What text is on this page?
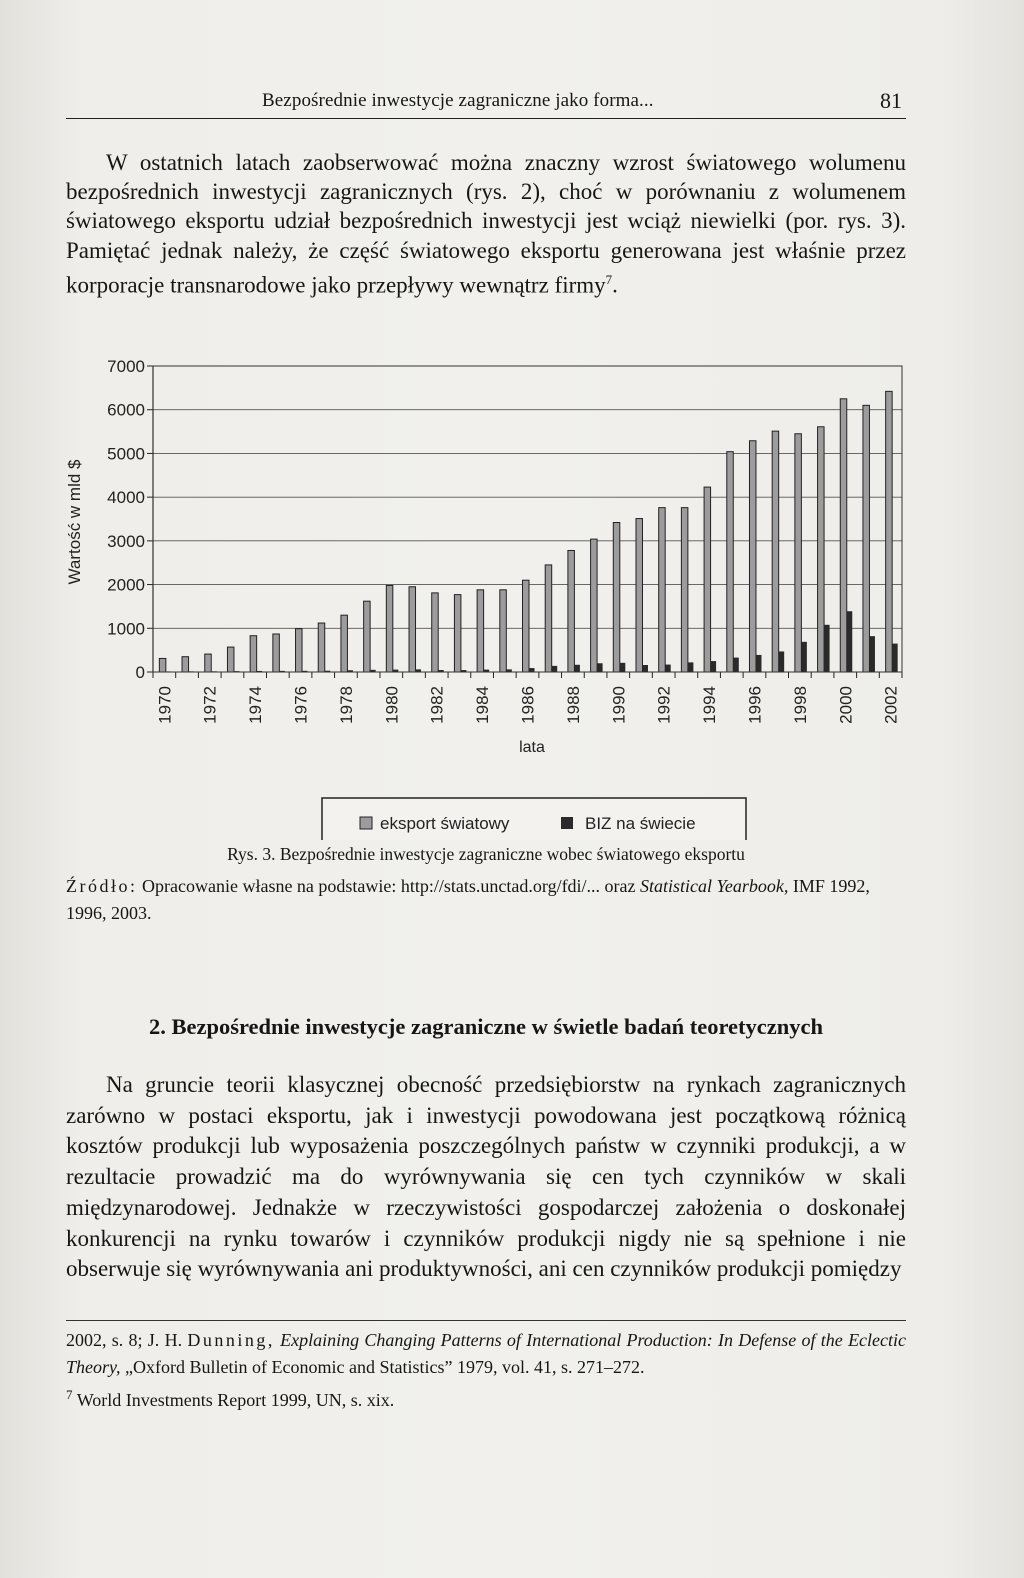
Bezpośrednie inwestycje zagraniczne jako forma...	81

W ostatnich latach zaobserwować można znaczny wzrost światowego wolumenu bezpośrednich inwestycji zagranicznych (rys. 2), choć w porównaniu z wolumenem światowego eksportu udział bezpośrednich inwestycji jest wciąż niewielki (por. rys. 3). Pamiętać jednak należy, że część światowego eksportu generowana jest właśnie przez korporacje transnarodowe jako przepływy wewnątrz firmy$^7$.

0
1000
2000
3000
4000
5000
6000
7000
1970 1972 1974 1976 1978 1980 1982 1984 1986 1988 1990 1992 1994 1996 1998 2000 2002
Wartość w mld $
lata
eksport światowy	BIZ na świecie

Rys. 3. Bezpośrednie inwestycje zagraniczne wobec światowego eksportu

Źródło: Opracowanie własne na podstawie: http://stats.unctad.org/fdi/... oraz Statistical Yearbook, IMF 1992, 1996, 2003.

2. Bezpośrednie inwestycje zagraniczne w świetle badań teoretycznych

Na gruncie teorii klasycznej obecność przedsiębiorstw na rynkach zagranicznych zarówno w postaci eksportu, jak i inwestycji powodowana jest początkową różnicą kosztów produkcji lub wyposażenia poszczególnych państw w czynniki produkcji, a w rezultacie prowadzić ma do wyrównywania się cen tych czynników w skali międzynarodowej. Jednakże w rzeczywistości gospodarczej założenia o doskonałej konkurencji na rynku towarów i czynników produkcji nigdy nie są spełnione i nie obserwuje się wyrównywania ani produktywności, ani cen czynników produkcji pomiędzy

2002, s. 8; J. H. Dunning, Explaining Changing Patterns of International Production: In Defense of the Eclectic Theory, „Oxford Bulletin of Economic and Statistics” 1979, vol. 41, s. 271–272.

$^7$ World Investments Report 1999, UN, s. xix.
